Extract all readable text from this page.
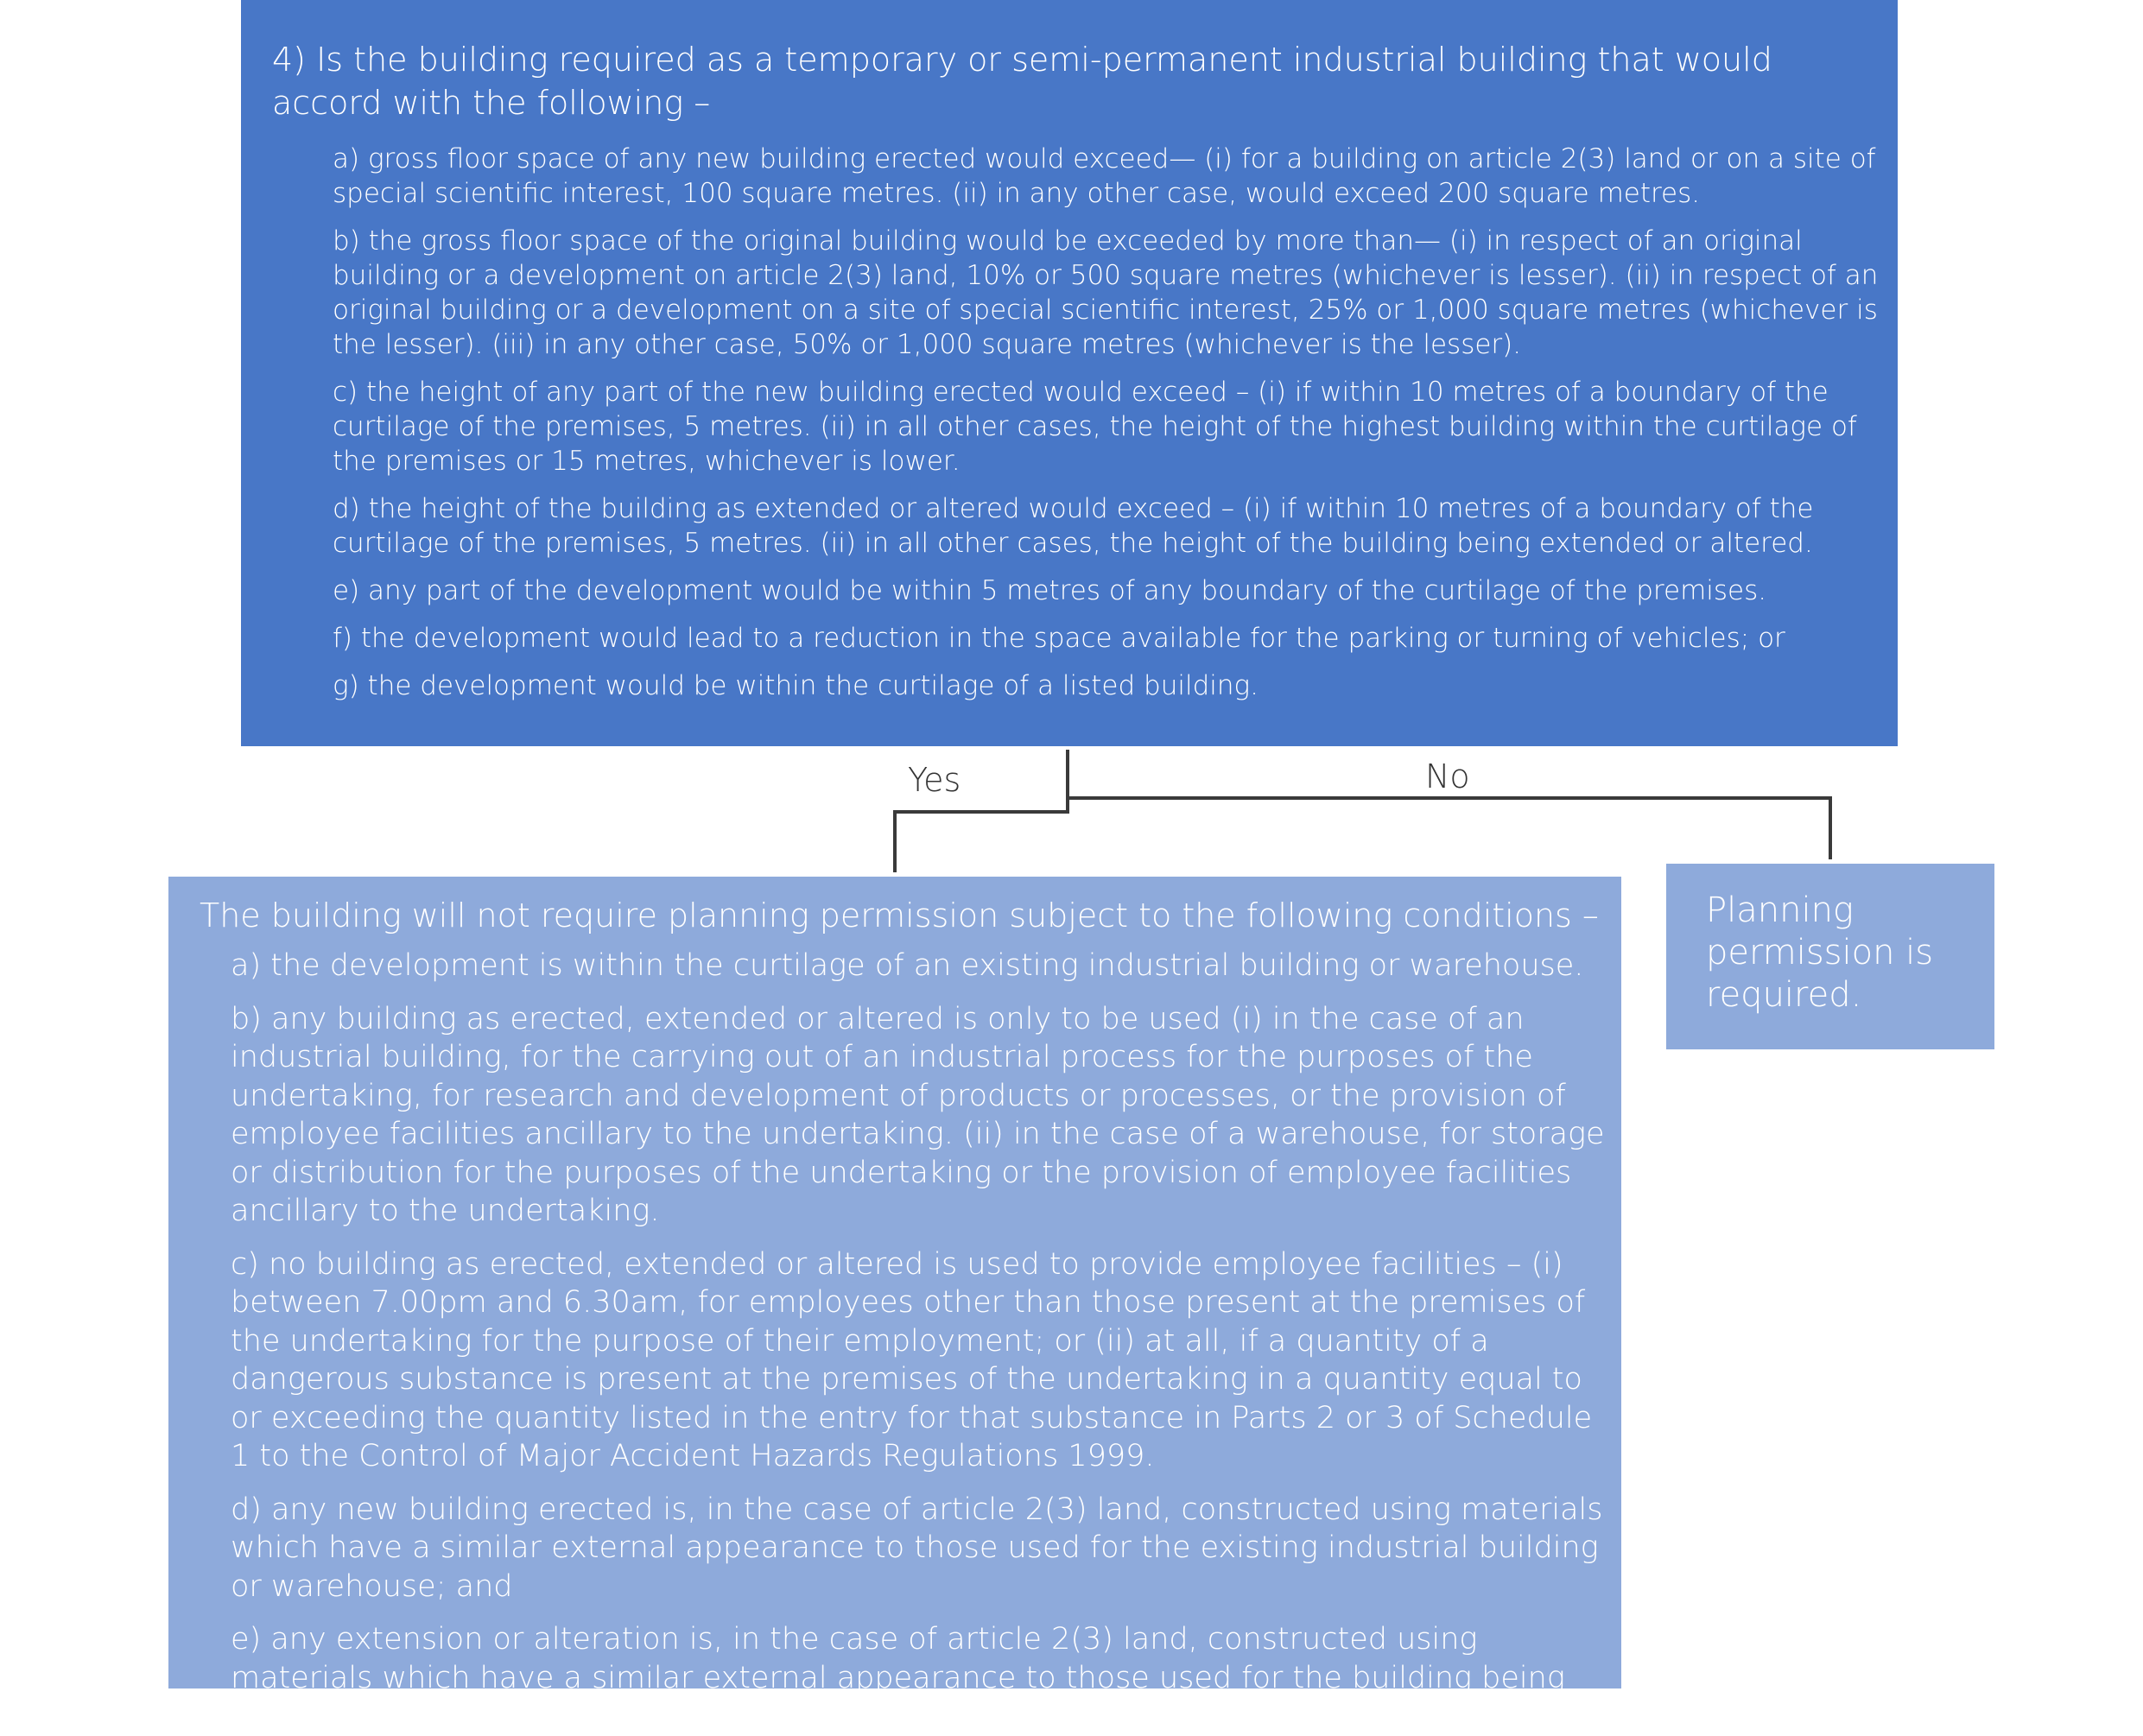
4) Is the building required as a temporary or semi-permanent industrial building that would accord with the following –
a) gross floor space of any new building erected would exceed— (i) for a building on article 2(3) land or on a site of special scientific interest, 100 square metres. (ii) in any other case, would exceed 200 square metres.
b) the gross floor space of the original building would be exceeded by more than— (i) in respect of an original building or a development on article 2(3) land, 10% or 500 square metres (whichever is lesser). (ii) in respect of an original building or a development on a site of special scientific interest, 25% or 1,000 square metres (whichever is the lesser). (iii) in any other case, 50% or 1,000 square metres (whichever is the lesser).
c) the height of any part of the new building erected would exceed – (i) if within 10 metres of a boundary of the curtilage of the premises, 5 metres. (ii) in all other cases, the height of the highest building within the curtilage of the premises or 15 metres, whichever is lower.
d) the height of the building as extended or altered would exceed – (i) if within 10 metres of a boundary of the curtilage of the premises, 5 metres. (ii) in all other cases, the height of the building being extended or altered.
e) any part of the development would be within 5 metres of any boundary of the curtilage of the premises.
f) the development would lead to a reduction in the space available for the parking or turning of vehicles; or
g) the development would be within the curtilage of a listed building.
Yes	No
The building will not require planning permission subject to the following conditions –
a) the development is within the curtilage of an existing industrial building or warehouse.
b) any building as erected, extended or altered is only to be used (i) in the case of an industrial building, for the carrying out of an industrial process for the purposes of the undertaking, for research and development of products or processes, or the provision of employee facilities ancillary to the undertaking. (ii) in the case of a warehouse, for storage or distribution for the purposes of the undertaking or the provision of employee facilities ancillary to the undertaking.
c) no building as erected, extended or altered is used to provide employee facilities – (i) between 7.00pm and 6.30am, for employees other than those present at the premises of the undertaking for the purpose of their employment; or (ii) at all, if a quantity of a dangerous substance is present at the premises of the undertaking in a quantity equal to or exceeding the quantity listed in the entry for that substance in Parts 2 or 3 of Schedule 1 to the Control of Major Accident Hazards Regulations 1999.
d) any new building erected is, in the case of article 2(3) land, constructed using materials which have a similar external appearance to those used for the existing industrial building or warehouse; and
e) any extension or alteration is, in the case of article 2(3) land, constructed using materials which have a similar external appearance to those used for the building being extended or altered.
Planning permission is required.
